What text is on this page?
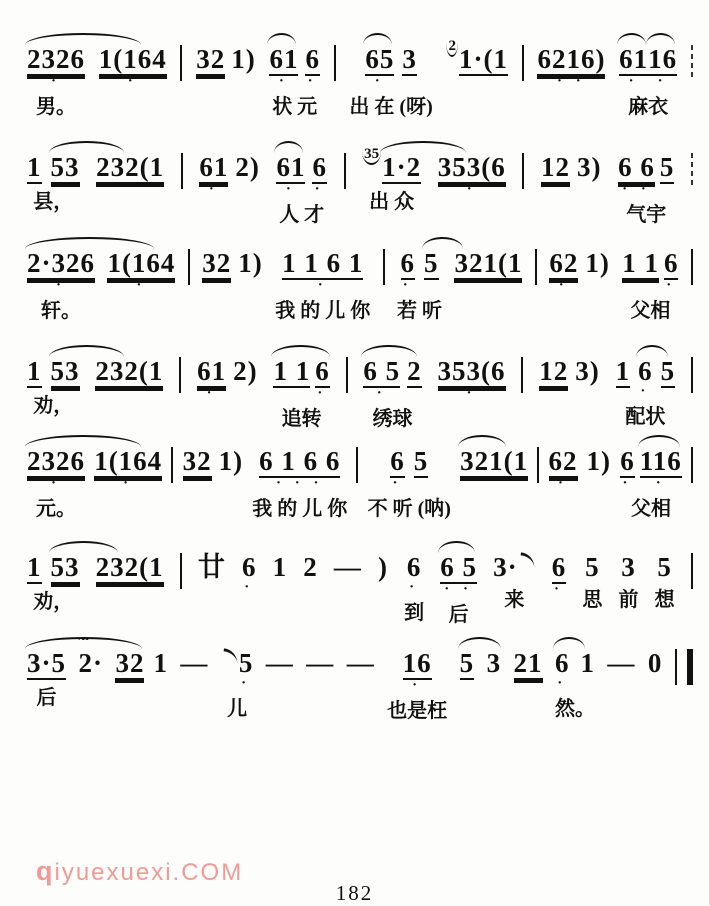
2326
·
男。
1(164
·
32 1) 61
·
6
·
状 元
65
·
3
出 在 (呀)
2 1·(1 6216)
· ·
61
·
16
·
麻衣
1 53
县，
232(1 61
·
2) 61
·
6
·
人 才
35 1·2
出 众
353(6
·
12 3) 6 6
· ·
5
气宇
2·326
·
轩。
1(164
·
32 1) 1 1 6 1
·
我 的 儿 你
6
·
5
若 听
321(1 62
·
1) 1 1 6
·
父相
1 53
劝，
232(1 61
·
2) 1 1 6
·
追转
6 5
·
2
绣球
353(6
·
12 3) 1 6
·
5
配状
2326
·
元。
1(164
·
32 1) 6 1 6 6
· · ·
我 的 儿 你
6
·
5
不 听 (呐)
321(1 62
·
1) 6
·
116
·
父相
1 53
劝，
232(1 廿 6
·
1 2 — ) 6
·
到
6 5
· ·
后
3·
来
6
·
5
思
3
前
5
想
3·5
后
~~
2· 32 1 — 5
·
儿
— — — 16
·
也是枉
5 3 21 6
·
1
然。
— 0
qiyuexuexi.COM
182
